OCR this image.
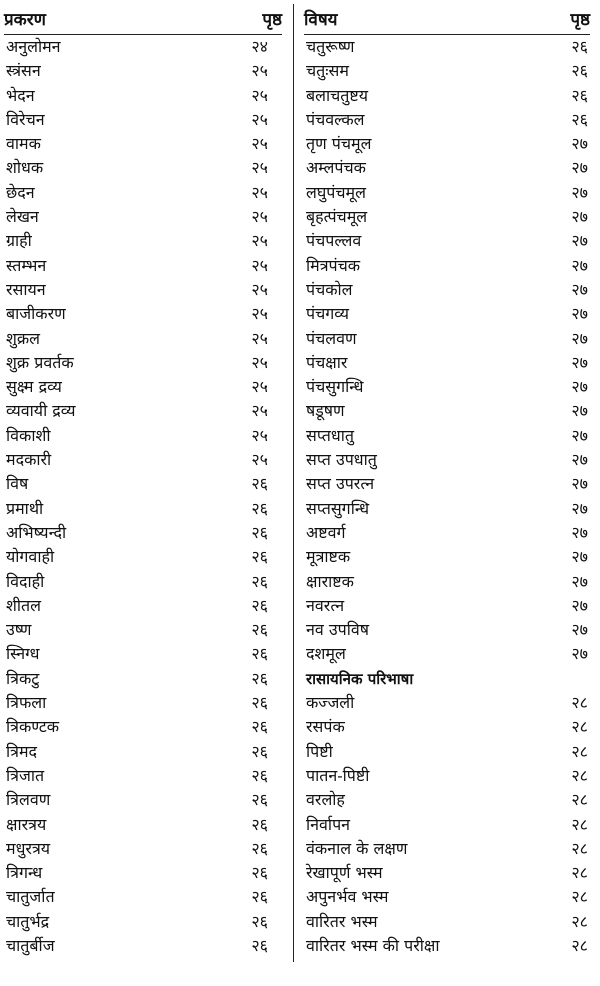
प्रकरण	पृष्ठ
अनुलोमन	२४
स्त्रंसन	२५
भेदन	२५
विरेचन	२५
वामक	२५
शोधक	२५
छेदन	२५
लेखन	२५
ग्राही	२५
स्तम्भन	२५
रसायन	२५
बाजीकरण	२५
शुक्रल	२५
शुक्र प्रवर्तक	२५
सुक्ष्म द्रव्य	२५
व्यवायी द्रव्य	२५
विकाशी	२५
मदकारी	२५
विष	२६
प्रमाथी	२६
अभिष्यन्दी	२६
योगवाही	२६
विदाही	२६
शीतल	२६
उष्ण	२६
स्निग्ध	२६
त्रिकटु	२६
त्रिफला	२६
त्रिकण्टक	२६
त्रिमद	२६
त्रिजात	२६
त्रिलवण	२६
क्षारत्रय	२६
मधुरत्रय	२६
त्रिगन्ध	२६
चातुर्जात	२६
चातुर्भद्र	२६
चातुर्बीज	२६
विषय	पृष्ठ
चतुरूष्ण	२६
चतुःसम	२६
बलाचतुष्टय	२६
पंचवल्कल	२६
तृण पंचमूल	२७
अम्लपंचक	२७
लघुपंचमूल	२७
बृहत्पंचमूल	२७
पंचपल्लव	२७
मित्रपंचक	२७
पंचकोल	२७
पंचगव्य	२७
पंचलवण	२७
पंचक्षार	२७
पंचसुगन्धि	२७
षडूषण	२७
सप्तधातु	२७
सप्त उपधातु	२७
सप्त उपरत्न	२७
सप्तसुगन्धि	२७
अष्टवर्ग	२७
मूत्राष्टक	२७
क्षाराष्टक	२७
नवरत्न	२७
नव उपविष	२७
दशमूल	२७
रासायनिक परिभाषा
कज्जली	२८
रसपंक	२८
पिष्टी	२८
पातन-पिष्टी	२८
वरलोह	२८
निर्वापन	२८
वंकनाल के लक्षण	२८
रेखापूर्ण भस्म	२८
अपुनर्भव भस्म	२८
वारितर भस्म	२८
वारितर भस्म की परीक्षा	२८
